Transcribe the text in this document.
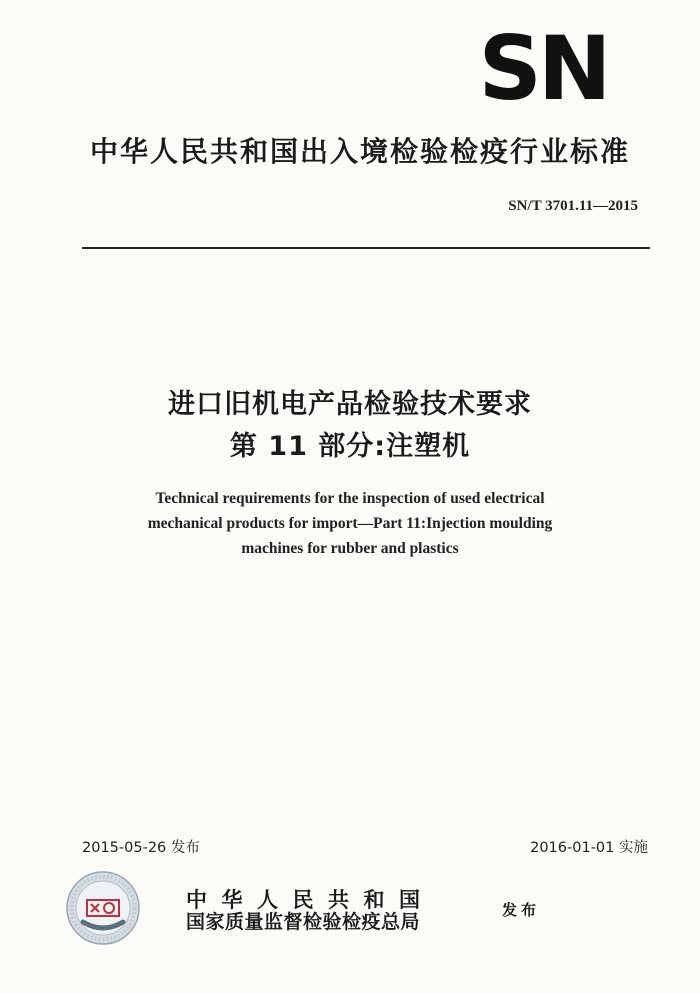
SN
中华人民共和国出入境检验检疫行业标准
SN/T 3701.11—2015
进口旧机电产品检验技术要求
第 11 部分:注塑机
Technical requirements for the inspection of used electrical
mechanical products for import—Part 11:Injection moulding
machines for rubber and plastics
2015-05-26 发布	2016-01-01 实施
中华人民共和国
国家质量监督检验检疫总局
发布
